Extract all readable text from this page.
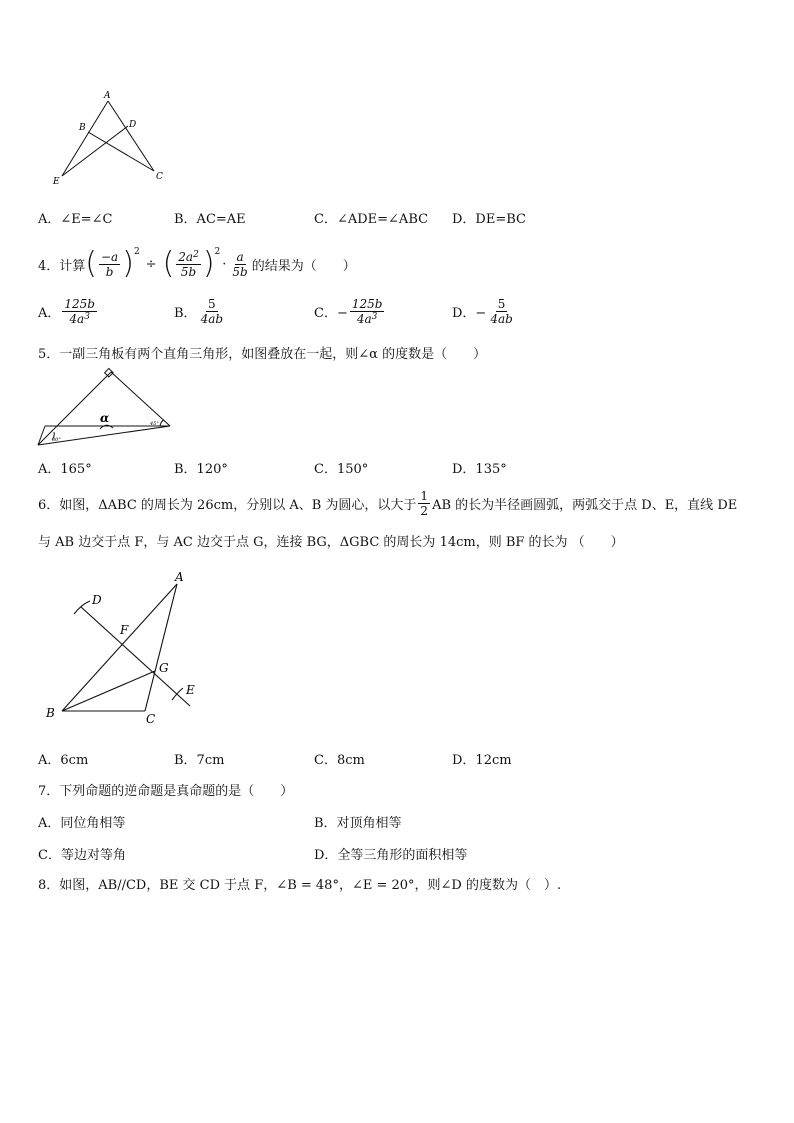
A
B	D
E	C
α
30°
45°
A
D
F
G
E
B	C
A．∠E=∠C	B．AC=AE	C．∠ADE=∠ABC D．DE=BC
4．计算 ( $\frac{-a}{b}$ ) 2
÷ ( $\frac{2a^2}{5b}$ ) 2
· $\frac{a}{5b}$ 的结果为（　　）
A． $\frac{125b}{4a^3}$	B． $\frac{5}{4ab}$	C．− $\frac{125b}{4a^3}$	D．− $\frac{5}{4ab}$
5．一副三角板有两个直角三角形，如图叠放在一起，则∠α 的度数是（　　）
A．165°	B．120°	C．150°	D．135°
6．如图，ΔABC 的周长为 26cm，分别以 A、B 为圆心，以大于 $\frac{1}{2}$ AB 的长为半径画圆弧，两弧交于点 D、E，直线 DE
与 AB 边交于点 F，与 AC 边交于点 G，连接 BG，ΔGBC 的周长为 14cm，则 BF 的长为 （　　）
A．6cm	B．7cm	C．8cm	D．12cm
7．下列命题的逆命题是真命题的是（　　）
A．同位角相等	B．对顶角相等
C．等边对等角	D．全等三角形的面积相等
8．如图，AB//CD，BE 交 CD 于点 F，∠B = 48°，∠E = 20°，则∠D 的度数为（　）.
